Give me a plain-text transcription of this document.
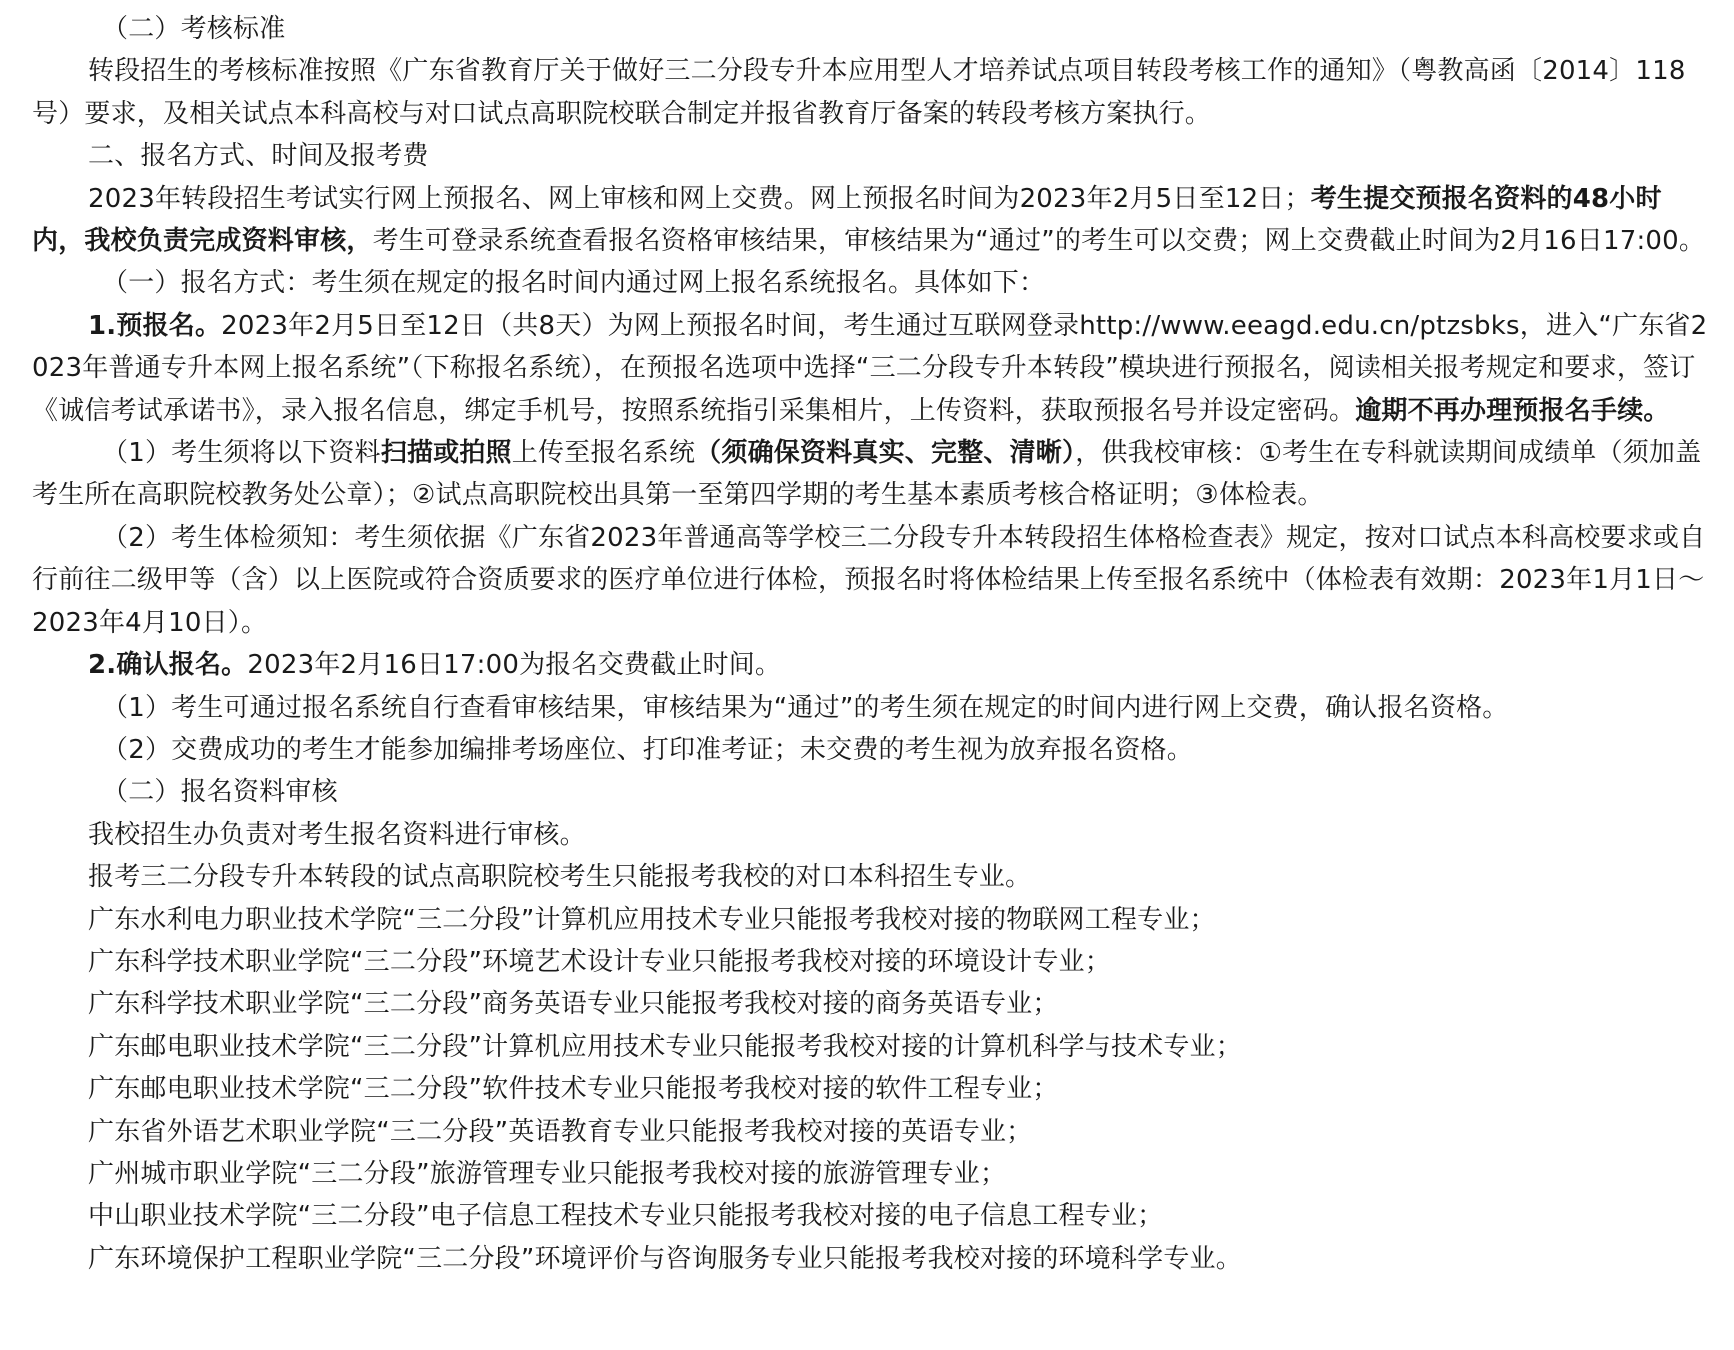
（二）考核标准

转段招生的考核标准按照《广东省教育厅关于做好三二分段专升本应用型人才培养试点项目转段考核工作的通知》（粤教高函〔2014〕118号）要求，及相关试点本科高校与对口试点高职院校联合制定并报省教育厅备案的转段考核方案执行。

二、报名方式、时间及报考费

2023年转段招生考试实行网上预报名、网上审核和网上交费。网上预报名时间为2023年2月5日至12日；考生提交预报名资料的48小时内，我校负责完成资料审核，考生可登录系统查看报名资格审核结果，审核结果为“通过”的考生可以交费；网上交费截止时间为2月16日17:00。

（一）报名方式：考生须在规定的报名时间内通过网上报名系统报名。具体如下：

1.预报名。2023年2月5日至12日（共8天）为网上预报名时间，考生通过互联网登录http://www.eeagd.edu.cn/ptzsbks，进入“广东省2023年普通专升本网上报名系统”（下称报名系统），在预报名选项中选择“三二分段专升本转段”模块进行预报名，阅读相关报考规定和要求，签订《诚信考试承诺书》，录入报名信息，绑定手机号，按照系统指引采集相片，上传资料，获取预报名号并设定密码。逾期不再办理预报名手续。

（1）考生须将以下资料扫描或拍照上传至报名系统（须确保资料真实、完整、清晰），供我校审核：①考生在专科就读期间成绩单（须加盖考生所在高职院校教务处公章）；②试点高职院校出具第一至第四学期的考生基本素质考核合格证明；③体检表。

（2）考生体检须知：考生须依据《广东省2023年普通高等学校三二分段专升本转段招生体格检查表》规定，按对口试点本科高校要求或自行前往二级甲等（含）以上医院或符合资质要求的医疗单位进行体检，预报名时将体检结果上传至报名系统中（体检表有效期：2023年1月1日～2023年4月10日）。

2.确认报名。2023年2月16日17:00为报名交费截止时间。

（1）考生可通过报名系统自行查看审核结果，审核结果为“通过”的考生须在规定的时间内进行网上交费，确认报名资格。

（2）交费成功的考生才能参加编排考场座位、打印准考证；未交费的考生视为放弃报名资格。

（二）报名资料审核

我校招生办负责对考生报名资料进行审核。

报考三二分段专升本转段的试点高职院校考生只能报考我校的对口本科招生专业。

广东水利电力职业技术学院“三二分段”计算机应用技术专业只能报考我校对接的物联网工程专业；

广东科学技术职业学院“三二分段”环境艺术设计专业只能报考我校对接的环境设计专业；

广东科学技术职业学院“三二分段”商务英语专业只能报考我校对接的商务英语专业；

广东邮电职业技术学院“三二分段”计算机应用技术专业只能报考我校对接的计算机科学与技术专业；

广东邮电职业技术学院“三二分段”软件技术专业只能报考我校对接的软件工程专业；

广东省外语艺术职业学院“三二分段”英语教育专业只能报考我校对接的英语专业；

广州城市职业学院“三二分段”旅游管理专业只能报考我校对接的旅游管理专业；

中山职业技术学院“三二分段”电子信息工程技术专业只能报考我校对接的电子信息工程专业；

广东环境保护工程职业学院“三二分段”环境评价与咨询服务专业只能报考我校对接的环境科学专业。
